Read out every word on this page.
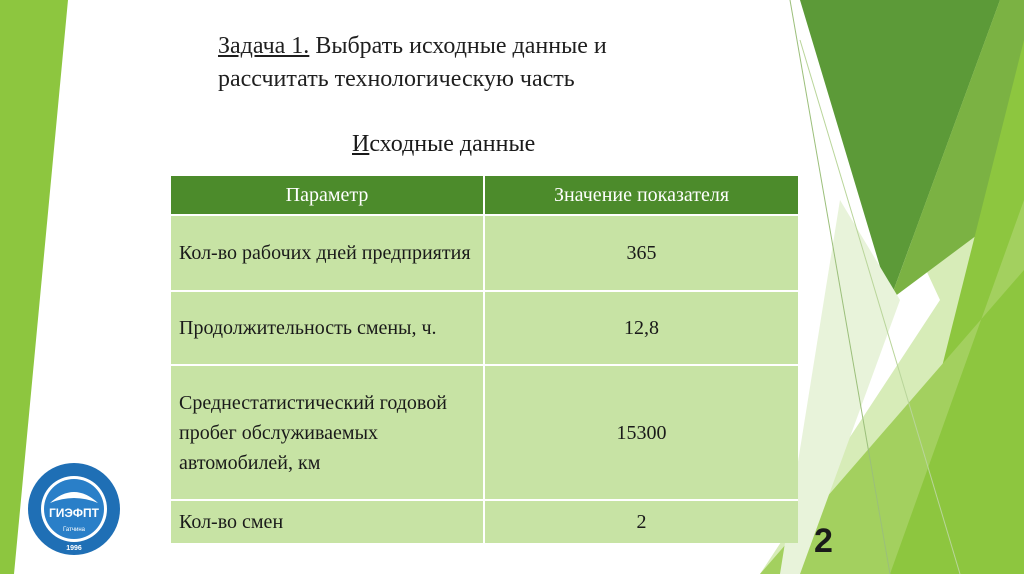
Задача 1. Выбрать исходные данные и
рассчитать технологическую часть
Исходные данные
Параметр	Значение показателя
Кол-во рабочих дней предприятия	365
Продолжительность смены, ч.	12,8
Среднестатистический годовой пробег обслуживаемых автомобилей, км	15300
Кол-во смен	2
ГИЭФПТ
Гатчина
1996	2
